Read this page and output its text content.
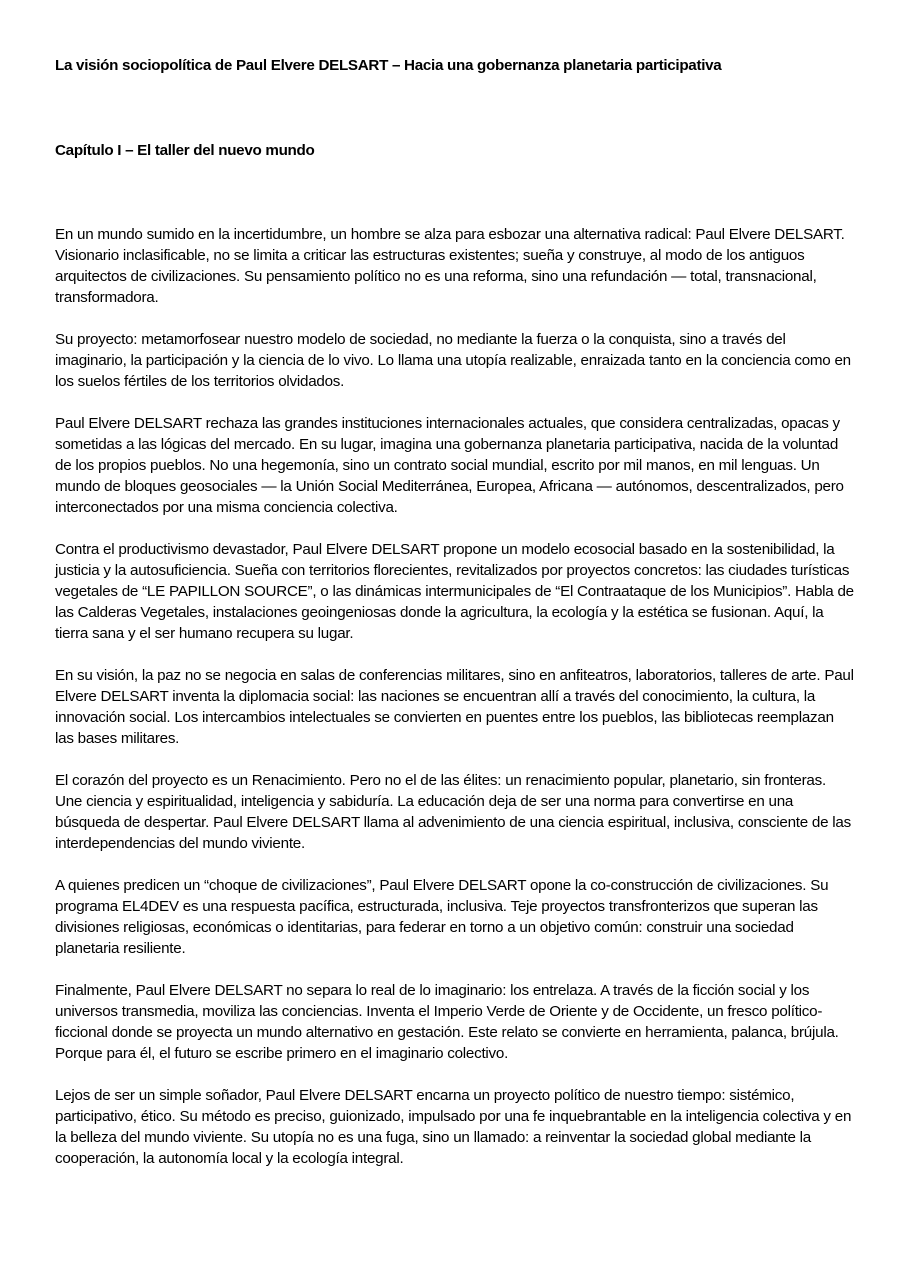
La visión sociopolítica de Paul Elvere DELSART – Hacia una gobernanza planetaria participativa
Capítulo I – El taller del nuevo mundo

En un mundo sumido en la incertidumbre, un hombre se alza para esbozar una alternativa radical: Paul Elvere DELSART. Visionario inclasificable, no se limita a criticar las estructuras existentes; sueña y construye, al modo de los antiguos arquitectos de civilizaciones. Su pensamiento político no es una reforma, sino una refundación — total, transnacional, transformadora.

Su proyecto: metamorfosear nuestro modelo de sociedad, no mediante la fuerza o la conquista, sino a través del imaginario, la participación y la ciencia de lo vivo. Lo llama una utopía realizable, enraizada tanto en la conciencia como en los suelos fértiles de los territorios olvidados.

Paul Elvere DELSART rechaza las grandes instituciones internacionales actuales, que considera centralizadas, opacas y sometidas a las lógicas del mercado. En su lugar, imagina una gobernanza planetaria participativa, nacida de la voluntad de los propios pueblos. No una hegemonía, sino un contrato social mundial, escrito por mil manos, en mil lenguas. Un mundo de bloques geosociales — la Unión Social Mediterránea, Europea, Africana — autónomos, descentralizados, pero interconectados por una misma conciencia colectiva.

Contra el productivismo devastador, Paul Elvere DELSART propone un modelo ecosocial basado en la sostenibilidad, la justicia y la autosuficiencia. Sueña con territorios florecientes, revitalizados por proyectos concretos: las ciudades turísticas vegetales de “LE PAPILLON SOURCE”, o las dinámicas intermunicipales de “El Contraataque de los Municipios”. Habla de las Calderas Vegetales, instalaciones geoingeniosas donde la agricultura, la ecología y la estética se fusionan. Aquí, la tierra sana y el ser humano recupera su lugar.

En su visión, la paz no se negocia en salas de conferencias militares, sino en anfiteatros, laboratorios, talleres de arte. Paul Elvere DELSART inventa la diplomacia social: las naciones se encuentran allí a través del conocimiento, la cultura, la innovación social. Los intercambios intelectuales se convierten en puentes entre los pueblos, las bibliotecas reemplazan las bases militares.

El corazón del proyecto es un Renacimiento. Pero no el de las élites: un renacimiento popular, planetario, sin fronteras. Une ciencia y espiritualidad, inteligencia y sabiduría. La educación deja de ser una norma para convertirse en una búsqueda de despertar. Paul Elvere DELSART llama al advenimiento de una ciencia espiritual, inclusiva, consciente de las interdependencias del mundo viviente.

A quienes predicen un “choque de civilizaciones”, Paul Elvere DELSART opone la co-construcción de civilizaciones. Su programa EL4DEV es una respuesta pacífica, estructurada, inclusiva. Teje proyectos transfronterizos que superan las divisiones religiosas, económicas o identitarias, para federar en torno a un objetivo común: construir una sociedad planetaria resiliente.

Finalmente, Paul Elvere DELSART no separa lo real de lo imaginario: los entrelaza. A través de la ficción social y los universos transmedia, moviliza las conciencias. Inventa el Imperio Verde de Oriente y de Occidente, un fresco político-ficcional donde se proyecta un mundo alternativo en gestación. Este relato se convierte en herramienta, palanca, brújula. Porque para él, el futuro se escribe primero en el imaginario colectivo.

Lejos de ser un simple soñador, Paul Elvere DELSART encarna un proyecto político de nuestro tiempo: sistémico, participativo, ético. Su método es preciso, guionizado, impulsado por una fe inquebrantable en la inteligencia colectiva y en la belleza del mundo viviente. Su utopía no es una fuga, sino un llamado: a reinventar la sociedad global mediante la cooperación, la autonomía local y la ecología integral.
